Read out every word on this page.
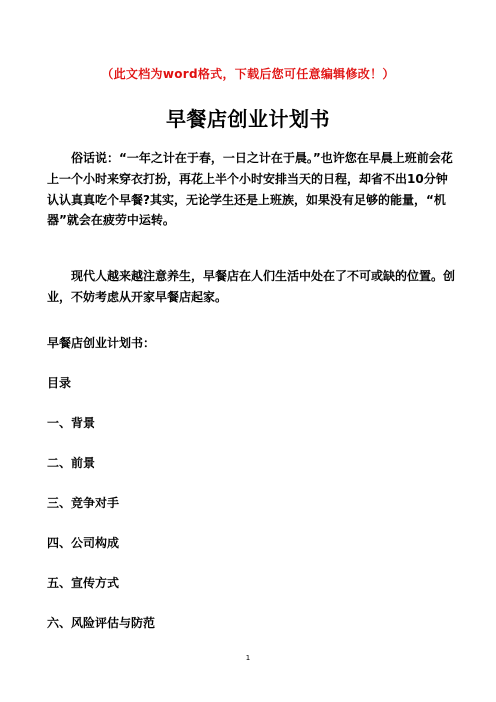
（此文档为word格式，下载后您可任意编辑修改！）
早餐店创业计划书

俗话说：“一年之计在于春，一日之计在于晨。”也许您在早晨上班前会花上一个小时来穿衣打扮，再花上半个小时安排当天的日程，却省不出10分钟认认真真吃个早餐?其实，无论学生还是上班族，如果没有足够的能量，“机器”就会在疲劳中运转。

现代人越来越注意养生，早餐店在人们生活中处在了不可或缺的位置。创业，不妨考虑从开家早餐店起家。

早餐店创业计划书：
目录
一、背景
二、前景
三、竞争对手
四、公司构成
五、宣传方式
六、风险评估与防范
1
